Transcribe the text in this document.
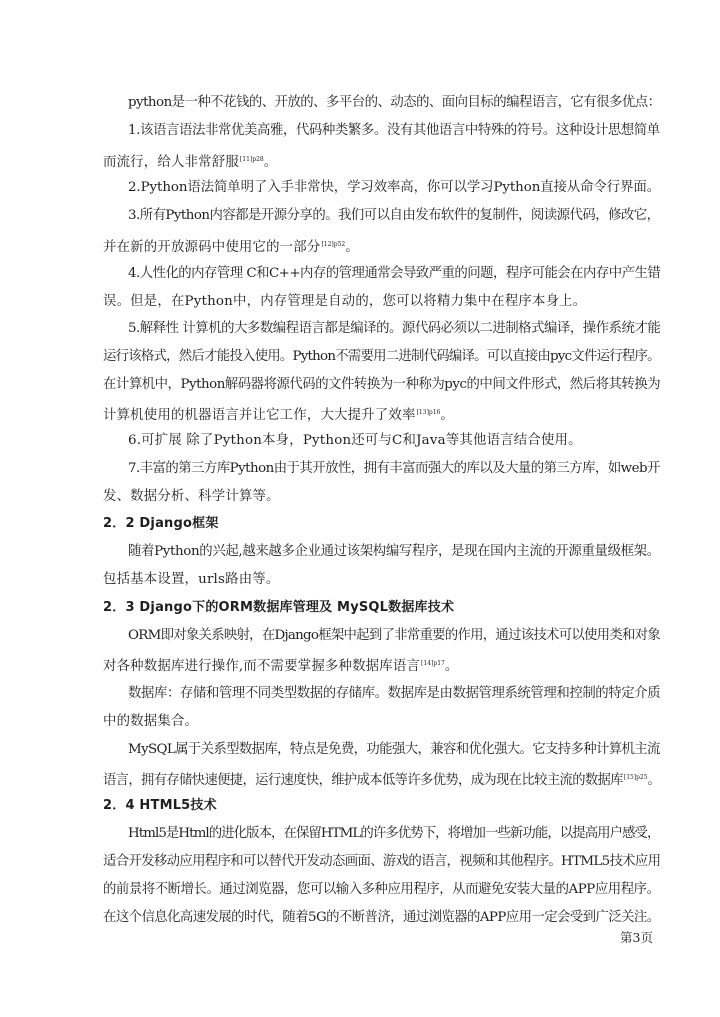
python是一种不花钱的、开放的、多平台的、动态的、面向目标的编程语言，它有很多优点：
1.该语言语法非常优美高雅，代码种类繁多。没有其他语言中特殊的符号。这种设计思想简单
而流行，给人非常舒服$^{[11]p28}$。
2.Python语法简单明了入手非常快，学习效率高，你可以学习Python直接从命令行界面。
3.所有Python内容都是开源分享的。我们可以自由发布软件的复制件，阅读源代码，修改它，
并在新的开放源码中使用它的一部分$^{[12]p52}$。
4.人性化的内存管理 C和C++内存的管理通常会导致严重的问题，程序可能会在内存中产生错
误。但是，在Python中，内存管理是自动的，您可以将精力集中在程序本身上。
5.解释性 计算机的大多数编程语言都是编译的。源代码必须以二进制格式编译，操作系统才能
运行该格式，然后才能投入使用。Python不需要用二进制代码编译。可以直接由pyc文件运行程序。
在计算机中，Python解码器将源代码的文件转换为一种称为pyc的中间文件形式，然后将其转换为
计算机使用的机器语言并让它工作，大大提升了效率$^{[13]p16}$。
6.可扩展 除了Python本身，Python还可与C和Java等其他语言结合使用。
7.丰富的第三方库Python由于其开放性，拥有丰富而强大的库以及大量的第三方库，如web开
发、数据分析、科学计算等。
2．2 Django框架
随着Python的兴起,越来越多企业通过该架构编写程序，是现在国内主流的开源重量级框架。
包括基本设置，urls路由等。
2．3 Django下的ORM数据库管理及 MySQL数据库技术
ORM即对象关系映射，在Django框架中起到了非常重要的作用，通过该技术可以使用类和对象
对各种数据库进行操作,而不需要掌握多种数据库语言$^{[14]p17}$。
数据库：存储和管理不同类型数据的存储库。数据库是由数据管理系统管理和控制的特定介质
中的数据集合。
MySQL属于关系型数据库，特点是免费，功能强大，兼容和优化强大。它支持多种计算机主流
语言，拥有存储快速便捷，运行速度快，维护成本低等许多优势，成为现在比较主流的数据库$^{[15]p25}$。
2．4 HTML5技术
Html5是Html的进化版本，在保留HTML的许多优势下，将增加一些新功能，以提高用户感受，
适合开发移动应用程序和可以替代开发动态画面、游戏的语言，视频和其他程序。HTML5技术应用
的前景将不断增长。通过浏览器，您可以输入多种应用程序，从而避免安装大量的APP应用程序。
在这个信息化高速发展的时代，随着5G的不断普济，通过浏览器的APP应用一定会受到广泛关注。
第3页
